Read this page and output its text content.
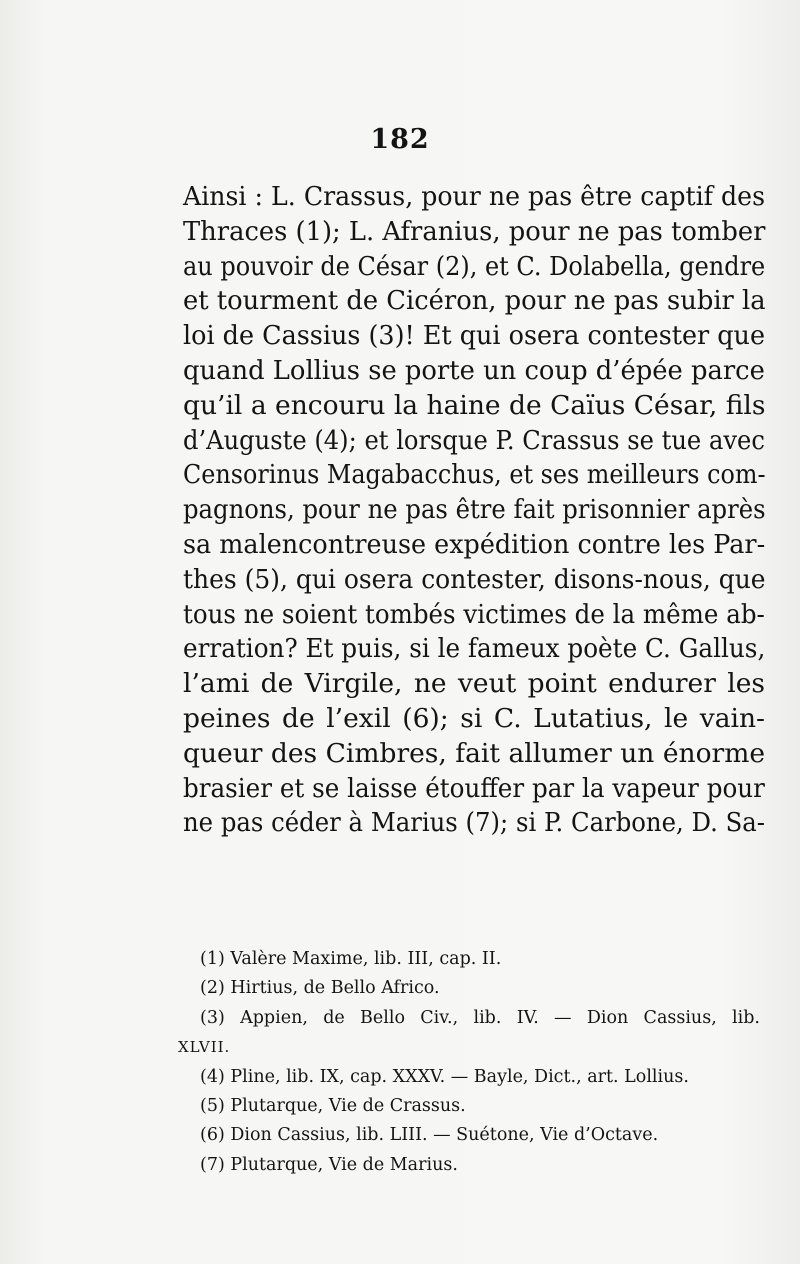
182
Ainsi : L. Crassus, pour ne pas être captif des
Thraces (1); L. Afranius, pour ne pas tomber
au pouvoir de César (2), et C. Dolabella, gendre
et tourment de Cicéron, pour ne pas subir la
loi de Cassius (3)! Et qui osera contester que
quand Lollius se porte un coup d’épée parce
qu’il a encouru la haine de Caïus César, fils
d’Auguste (4); et lorsque P. Crassus se tue avec
Censorinus Magabacchus, et ses meilleurs com-
pagnons, pour ne pas être fait prisonnier après
sa malencontreuse expédition contre les Par-
thes (5), qui osera contester, disons-nous, que
tous ne soient tombés victimes de la même ab-
erration? Et puis, si le fameux poète C. Gallus,
l’ami de Virgile, ne veut point endurer les
peines de l’exil (6); si C. Lutatius, le vain-
queur des Cimbres, fait allumer un énorme
brasier et se laisse étouffer par la vapeur pour
ne pas céder à Marius (7); si P. Carbone, D. Sa-
(1) Valère Maxime, lib. III, cap. II.
(2) Hirtius, de Bello Africo.
(3) Appien, de Bello Civ., lib. IV. — Dion Cassius, lib.
XLVII.
(4) Pline, lib. IX, cap. XXXV. — Bayle, Dict., art. Lollius.
(5) Plutarque, Vie de Crassus.
(6) Dion Cassius, lib. LIII. — Suétone, Vie d’Octave.
(7) Plutarque, Vie de Marius.
